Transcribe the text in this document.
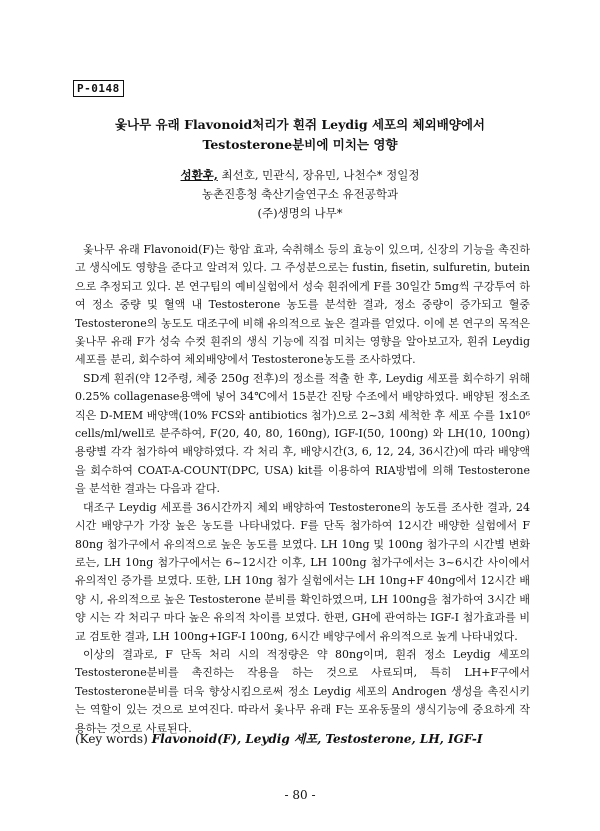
P-0148
옻나무 유래 Flavonoid처리가 흰쥐 Leydig 세포의 체외배양에서
Testosterone분비에 미치는 영향
성환후, 최선호, 민관식, 장유민, 나천수* 정일정
농촌진흥청 축산기술연구소 유전공학과
(주)생명의 나무*

옻나무 유래 Flavonoid(F)는 항암 효과, 숙취해소 등의 효능이 있으며, 신장의 기능을 촉진하고 생식에도 영향을 준다고 알려져 있다. 그 주성분으로는 fustin, fisetin, sulfuretin, butein으로 추정되고 있다. 본 연구팀의 예비실험에서 성숙 흰쥐에게 F를 30일간 5mg씩 구강투여 하여 정소 중량 및 혈액 내 Testosterone 농도를 분석한 결과, 정소 중량이 증가되고 혈중 Testosterone의 농도도 대조구에 비해 유의적으로 높은 결과를 얻었다. 이에 본 연구의 목적은 옻나무 유래 F가 성숙 수컷 흰쥐의 생식 기능에 직접 미치는 영향을 알아보고자, 흰쥐 Leydig 세포를 분리, 회수하여 체외배양에서 Testosterone농도를 조사하였다.

SD계 흰쥐(약 12주령, 체중 250g 전후)의 정소를 적출 한 후, Leydig 세포를 회수하기 위해 0.25% collagenase용액에 넣어 34℃에서 15분간 진탕 수조에서 배양하였다. 배양된 정소조직은 D-MEM 배양액(10% FCS와 antibiotics 첨가)으로 2~3회 세척한 후 세포 수를 1x10⁶ cells/ml/well로 분주하여, F(20, 40, 80, 160ng), IGF-I(50, 100ng) 와 LH(10, 100ng) 용량별 각각 첨가하여 배양하였다. 각 처리 후, 배양시간(3, 6, 12, 24, 36시간)에 따라 배양액을 회수하여 COAT-A-COUNT(DPC, USA) kit를 이용하여 RIA방법에 의해 Testosterone을 분석한 결과는 다음과 같다.

대조구 Leydig 세포를 36시간까지 체외 배양하여 Testosterone의 농도를 조사한 결과, 24시간 배양구가 가장 높은 농도를 나타내었다. F를 단독 첨가하여 12시간 배양한 실험에서 F 80ng 첨가구에서 유의적으로 높은 농도를 보였다. LH 10ng 및 100ng 첨가구의 시간별 변화로는, LH 10ng 첨가구에서는 6~12시간 이후, LH 100ng 첨가구에서는 3~6시간 사이에서 유의적인 증가를 보였다. 또한, LH 10ng 첨가 실험에서는 LH 10ng+F 40ng에서 12시간 배양 시, 유의적으로 높은 Testosterone 분비를 확인하였으며, LH 100ng을 첨가하여 3시간 배양 시는 각 처리구 마다 높은 유의적 차이를 보였다. 한편, GH에 관여하는 IGF-I 첨가효과를 비교 검토한 결과, LH 100ng+IGF-I 100ng, 6시간 배양구에서 유의적으로 높게 나타내었다.

이상의 결과로, F 단독 처리 시의 적정량은 약 80ng이며, 흰쥐 정소 Leydig 세포의 Testosterone분비를 촉진하는 작용을 하는 것으로 사료되며, 특히 LH+F구에서 Testosterone분비를 더욱 향상시킴으로써 정소 Leydig 세포의 Androgen 생성을 촉진시키는 역할이 있는 것으로 보여진다. 따라서 옻나무 유래 F는 포유동물의 생식기능에 중요하게 작용하는 것으로 사료된다.

(Key words) Flavonoid(F), Leydig 세포, Testosterone, LH, IGF-I
- 80 -
